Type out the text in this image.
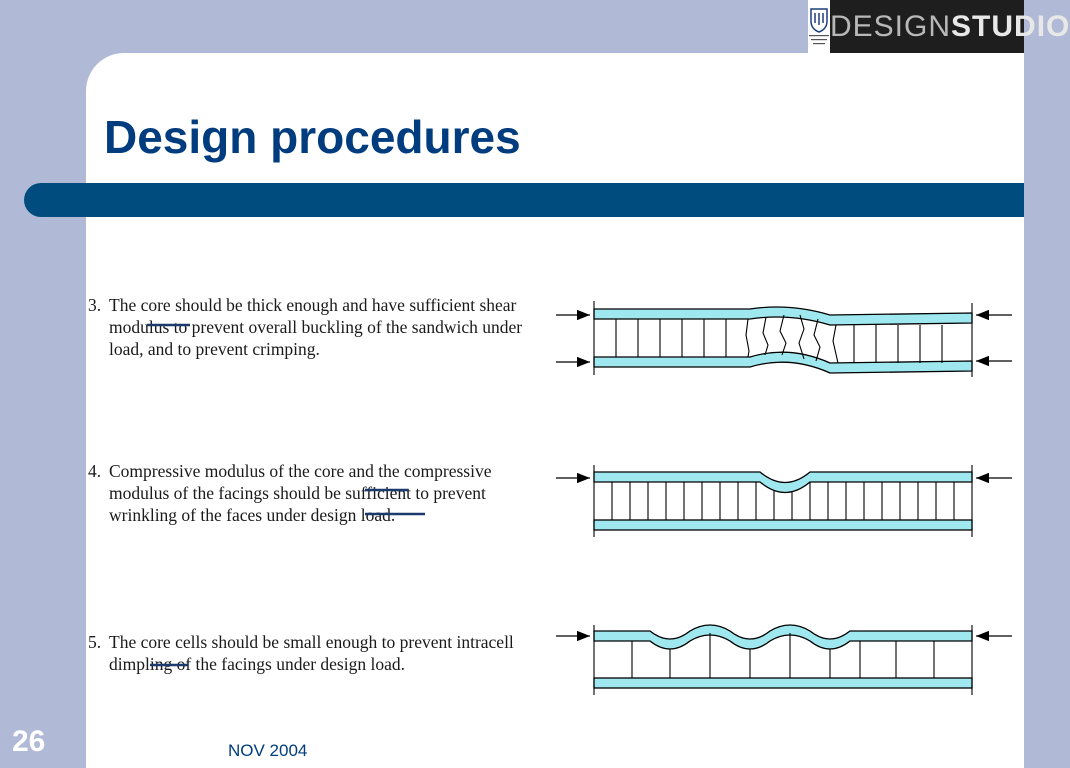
DESIGNSTUDIO
Design procedures
3. The core should be thick enough and have sufficient shear modulus to prevent overall buckling of the sandwich under load, and to prevent crimping.
4. Compressive modulus of the core and the compressive modulus of the facings should be sufficient to prevent wrinkling of the faces under design load.
5. The core cells should be small enough to prevent intracell dimpling of the facings under design load.
26	NOV 2004
